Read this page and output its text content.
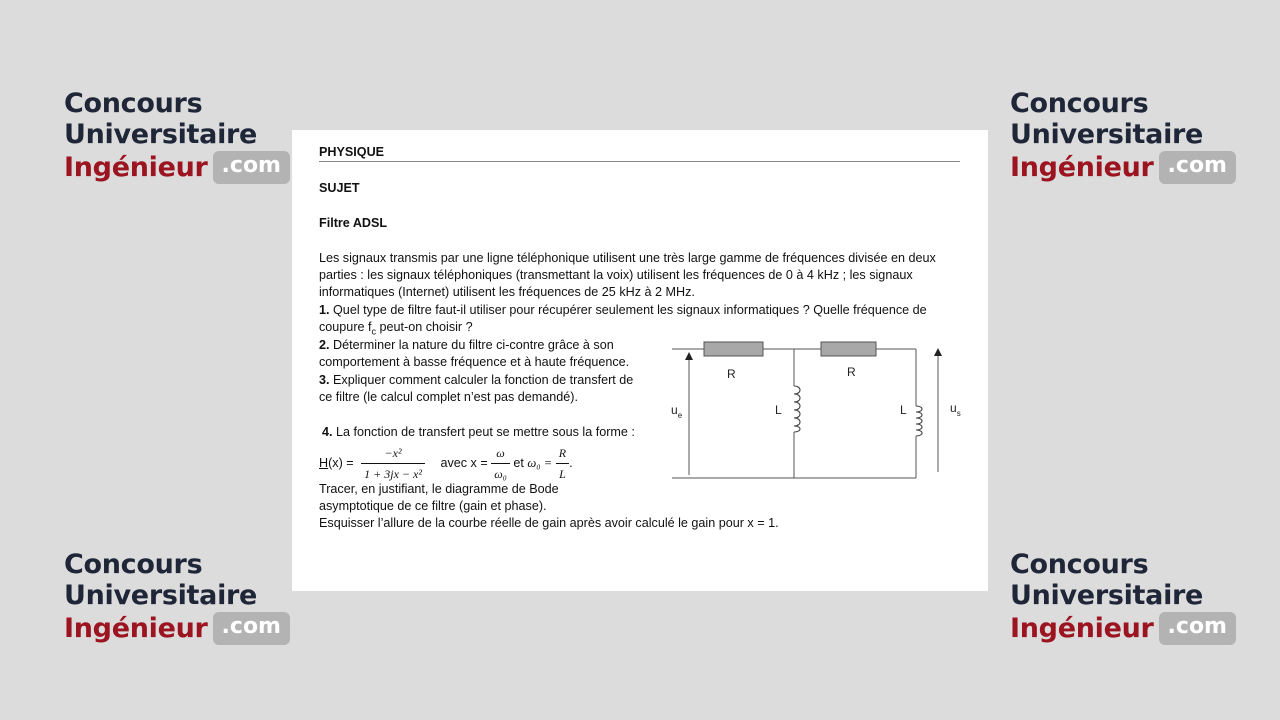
Concours
Universitaire
Ingénieur .com
Concours
Universitaire
Ingénieur .com
Concours
Universitaire
Ingénieur .com
Concours
Universitaire
Ingénieur .com
PHYSIQUE
SUJET
Filtre ADSL
Les signaux transmis par une ligne téléphonique utilisent une très large gamme de fréquences divisée en deux
parties : les signaux téléphoniques (transmettant la voix) utilisent les fréquences de 0 à 4 kHz ; les signaux
informatiques (Internet) utilisent les fréquences de 25 kHz à 2 MHz.
1. Quel type de filtre faut-il utiliser pour récupérer seulement les signaux informatiques ? Quelle fréquence de
coupure $f_c$ peut-on choisir ?
2. Déterminer la nature du filtre ci-contre grâce à son
comportement à basse fréquence et à haute fréquence.
3. Expliquer comment calculer la fonction de transfert de
ce filtre (le calcul complet n’est pas demandé).
4. La fonction de transfert peut se mettre sous la forme :
$H(x) = \frac{\text{−x²}}{\text{1 + 3jx − x²}}$ avec $x = \frac{\omega}{\text{ω₀}}$ et $\omega_0 = \frac{R}{L}$ .
Tracer, en justifiant, le diagramme de Bode
asymptotique de ce filtre (gain et phase).
Esquisser l’allure de la courbe réelle de gain après avoir calculé le gain pour x = 1.
R	R
L	L
$u_e$
$u_s$
